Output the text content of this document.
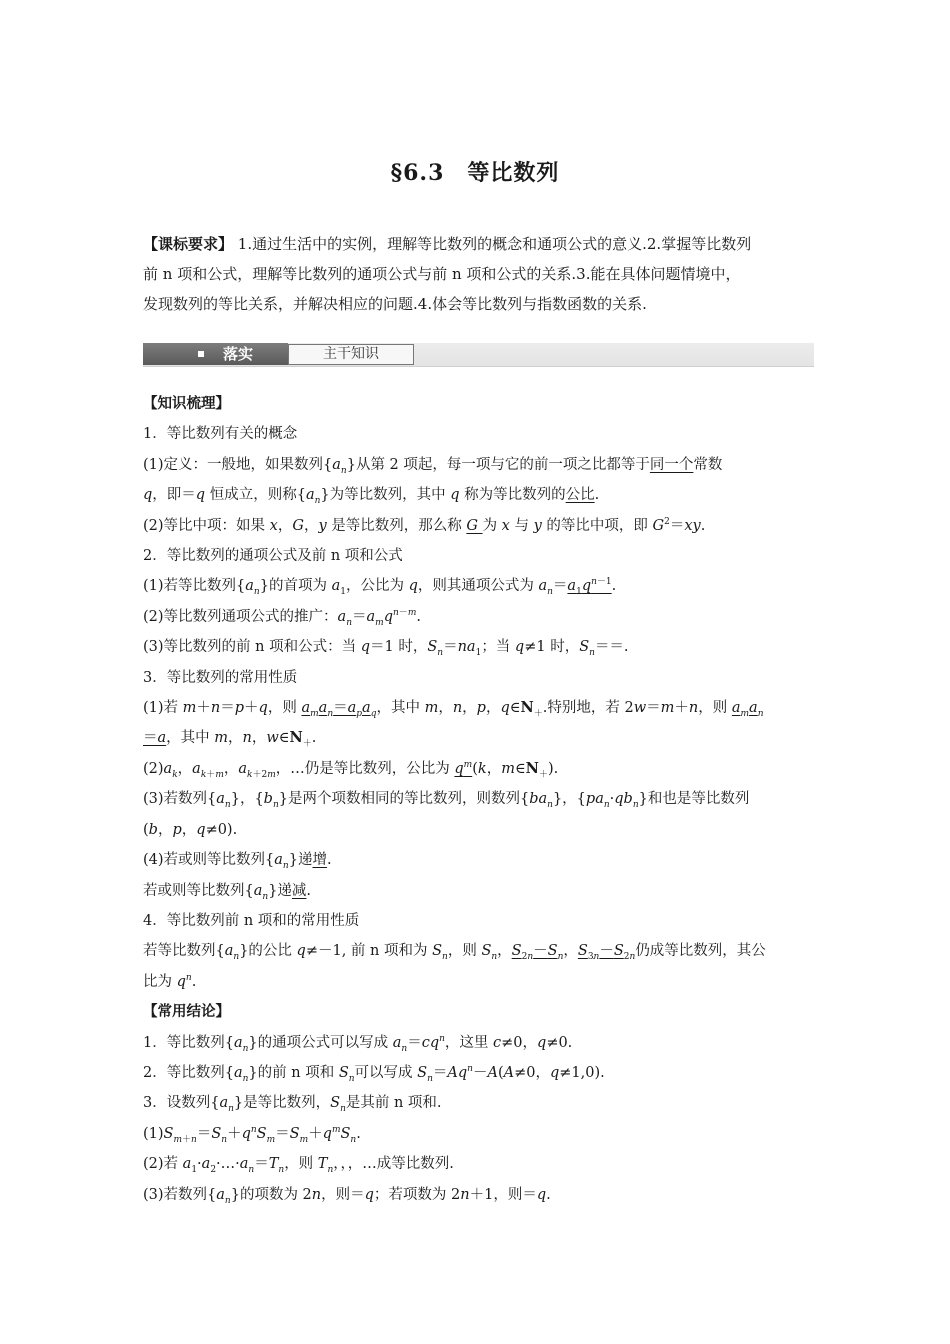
§6.3　等比数列
【课标要求】 1.通过生活中的实例，理解等比数列的概念和通项公式的意义.2.掌握等比数列
前 n 项和公式，理解等比数列的通项公式与前 n 项和公式的关系.3.能在具体问题情境中，
发现数列的等比关系，并解决相应的问题.4.体会等比数列与指数函数的关系.
落实	主干知识

【知识梳理】

1．等比数列有关的概念

(1)定义：一般地，如果数列$\{a_n\}$从第 2 项起，每一项与它的前一项之比都等于同一个常数

q，即＝q 恒成立，则称$\{a_n\}$为等比数列，其中 q 称为等比数列的公比.

(2)等比中项：如果 x，G，y 是等比数列，那么称 G 为 x 与 y 的等比中项，即 $G^2=xy$.

2．等比数列的通项公式及前 n 项和公式

(1)若等比数列$\{a_n\}$的首项为 $a_1$，公比为 q，则其通项公式为 $a_n=a_1q^{n-1}$.

(2)等比数列通项公式的推广：$a_n=a_mq^{n-m}$.

(3)等比数列的前 n 项和公式：当 q＝1 时，$S_n=na_1$；当 q≠1 时，$S_n==$.

3．等比数列的常用性质

(1)若 m＋n＝p＋q，则 $a_ma_n=a_pa_q$，其中 m，n，p，$q\in N_+$.特别地，若 2w＝m＋n，则 $a_ma_n$

＝a，其中 m，n，$w\in N_+$.

$(2)a_k$，$a_{k+m}$，$a_{k+2m}$，…仍是等比数列，公比为 $q^m(k$，$m\in N_+$).

(3)若数列$\{a_n\}$，$\{b_n\}$是两个项数相同的等比数列，则数列$\{ba_n\}$，$\{pa_n\cdot qb_n\}$和也是等比数列

(b，p，q≠0).

(4)若或则等比数列$\{a_n\}$递增.

若或则等比数列$\{a_n\}$递减.

4．等比数列前 n 项和的常用性质

若等比数列$\{a_n\}$的公比 q≠－1, 前 n 项和为 $S_n$，则 $S_n$，$S_{2n}-S_n$，$S_{3n}-S_{2n}$仍成等比数列，其公

比为 $q^n$.

【常用结论】

1．等比数列$\{a_n\}$的通项公式可以写成 $a_n=cq^n$，这里 c≠0，q≠0.

2．等比数列$\{a_n\}$的前 n 项和 $S_n$可以写成 $S_n=Aq^n-A(A\ne 0$，q≠1,0).

3．设数列$\{a_n\}$是等比数列，$S_n$是其前 n 项和.

$(1)S_{m+n}=S_n+q^nS_m=S_m+q^mS_n$.

(2)若 $a_1\cdot a_2\cdot\dots\cdot a_n=T_n$，则 $T_n$，，，…成等比数列.

(3)若数列$\{a_n\}$的项数为 2n，则＝q；若项数为 2n＋1，则＝q.
